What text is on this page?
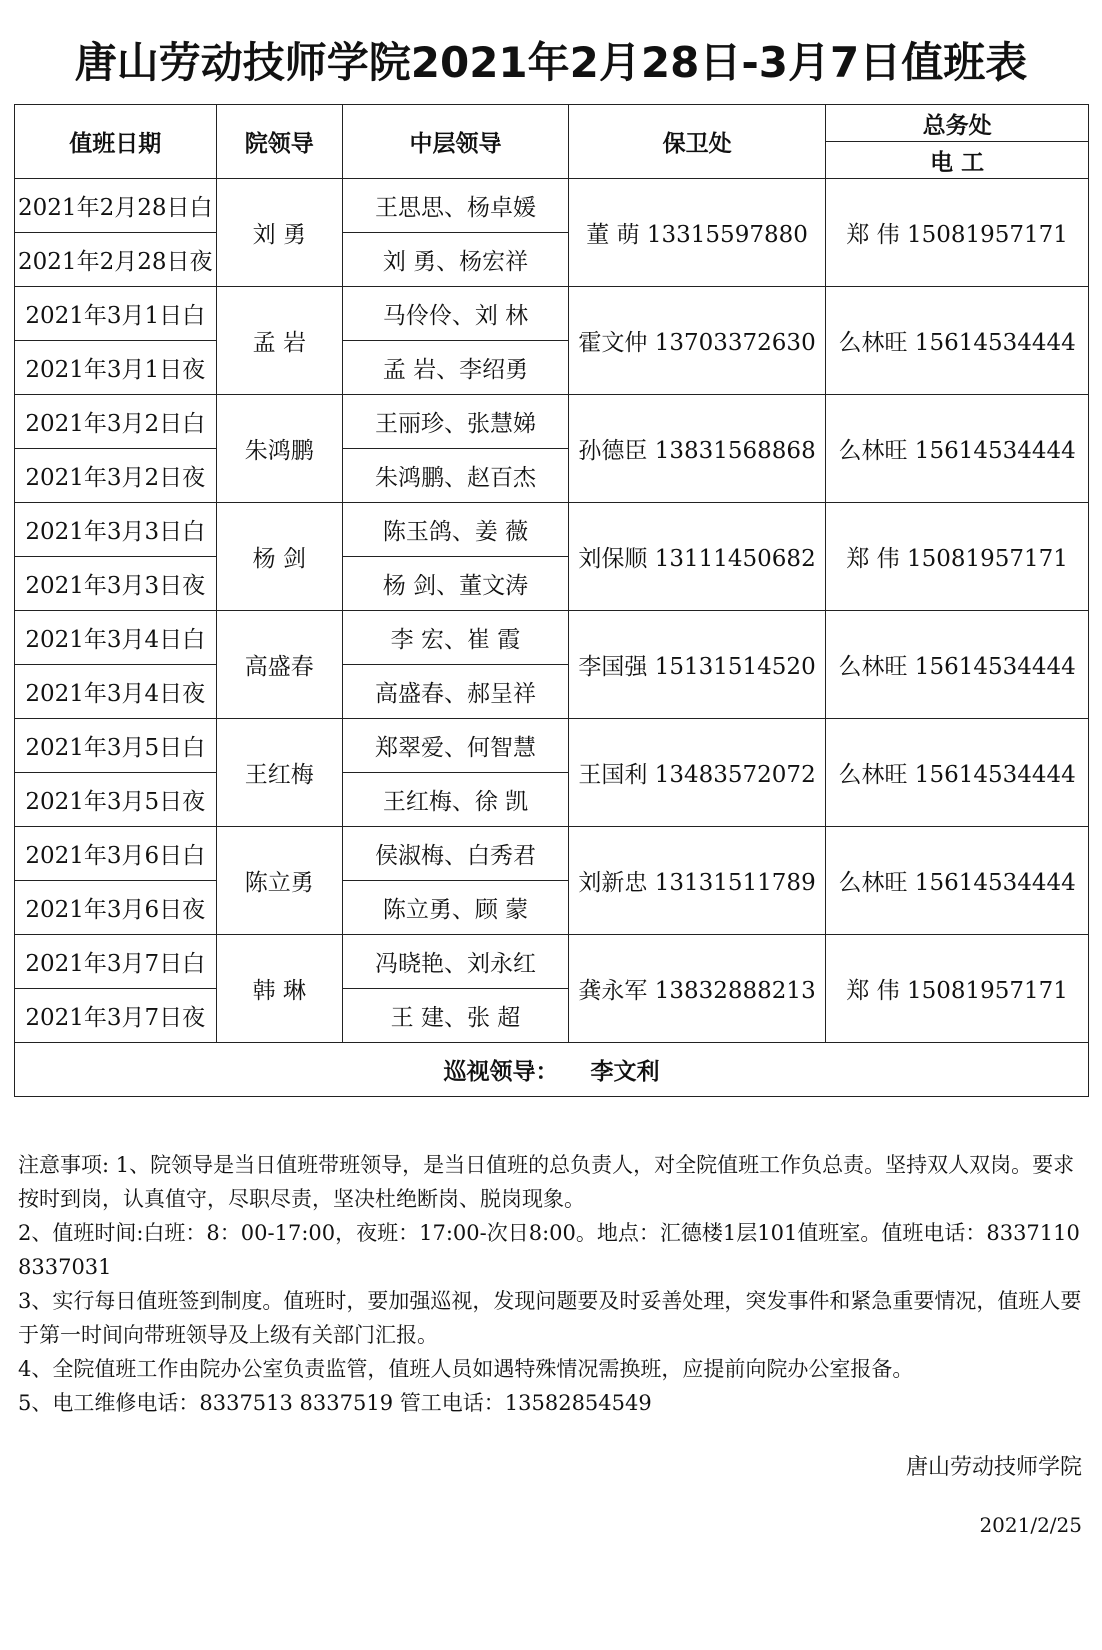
唐山劳动技师学院2021年2月28日-3月7日值班表
值班日期	院领导	中层领导	保卫处	总务处
				电 工
2021年2月28日白	刘 勇	王思思、杨卓媛	董 萌 13315597880	郑 伟 15081957171
2021年2月28日夜		刘 勇、杨宏祥		
2021年3月1日白	孟 岩	马伶伶、刘 林	霍文仲 13703372630	么林旺 15614534444
2021年3月1日夜		孟 岩、李绍勇		
2021年3月2日白	朱鸿鹏	王丽珍、张慧娣	孙德臣 13831568868	么林旺 15614534444
2021年3月2日夜		朱鸿鹏、赵百杰		
2021年3月3日白	杨 剑	陈玉鸽、姜 薇	刘保顺 13111450682	郑 伟 15081957171
2021年3月3日夜		杨 剑、董文涛		
2021年3月4日白	高盛春	李 宏、崔 霞	李国强 15131514520	么林旺 15614534444
2021年3月4日夜		高盛春、郝呈祥		
2021年3月5日白	王红梅	郑翠爱、何智慧	王国利 13483572072	么林旺 15614534444
2021年3月5日夜		王红梅、徐 凯		
2021年3月6日白	陈立勇	侯淑梅、白秀君	刘新忠 13131511789	么林旺 15614534444
2021年3月6日夜		陈立勇、顾 蒙		
2021年3月7日白	韩 琳	冯晓艳、刘永红	龚永军 13832888213	郑 伟 15081957171
2021年3月7日夜		王 建、张 超		
巡视领导： 李文利				

注意事项: 1、院领导是当日值班带班领导，是当日值班的总负责人，对全院值班工作负总责。坚持双人双岗。要求按时到岗，认真值守，尽职尽责，坚决杜绝断岗、脱岗现象。

2、值班时间:白班：8：00-17:00，夜班：17:00-次日8:00。地点：汇德楼1层101值班室。值班电话：8337110 8337031

3、实行每日值班签到制度。值班时，要加强巡视，发现问题要及时妥善处理，突发事件和紧急重要情况，值班人要于第一时间向带班领导及上级有关部门汇报。

4、全院值班工作由院办公室负责监管，值班人员如遇特殊情况需换班，应提前向院办公室报备。

5、电工维修电话：8337513 8337519 管工电话：13582854549

唐山劳动技师学院
2021/2/25
